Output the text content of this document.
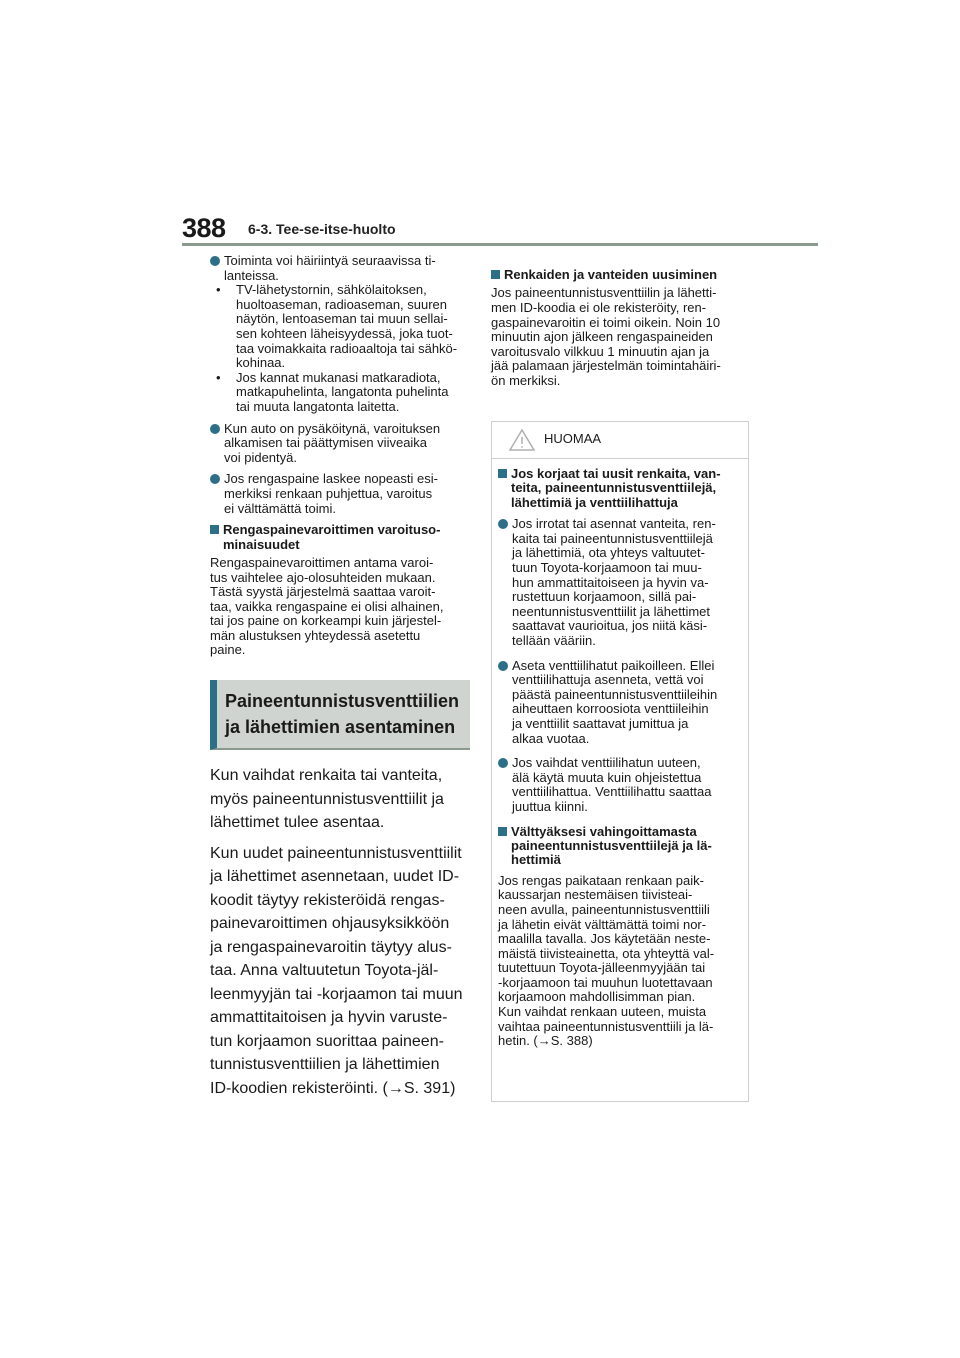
388 6-3. Tee-se-itse-huolto
Toiminta voi häiriintyä seuraavissa ti-
lanteissa.
• TV-lähetystornin, sähkölaitoksen,
huoltoaseman, radioaseman, suuren
näytön, lentoaseman tai muun sellai-
sen kohteen läheisyydessä, joka tuot-
taa voimakkaita radioaaltoja tai sähkö-
kohinaa.
• Jos kannat mukanasi matkaradiota,
matkapuhelinta, langatonta puhelinta
tai muuta langatonta laitetta.
Kun auto on pysäköitynä, varoituksen
alkamisen tai päättymisen viiveaika
voi pidentyä.
Jos rengaspaine laskee nopeasti esi-
merkiksi renkaan puhjettua, varoitus
ei välttämättä toimi.
Rengaspainevaroittimen varoituso-
minaisuudet
Rengaspainevaroittimen antama varoi-
tus vaihtelee ajo-olosuhteiden mukaan.
Tästä syystä järjestelmä saattaa varoit-
taa, vaikka rengaspaine ei olisi alhainen,
tai jos paine on korkeampi kuin järjestel-
män alustuksen yhteydessä asetettu
paine.
Paineentunnistusventtiilien
ja lähettimien asentaminen
Kun vaihdat renkaita tai vanteita,
myös paineentunnistusventtiilit ja
lähettimet tulee asentaa.
Kun uudet paineentunnistusventtiilit
ja lähettimet asennetaan, uudet ID-
koodit täytyy rekisteröidä rengas-
painevaroittimen ohjausyksikköön
ja rengaspainevaroitin täytyy alus-
taa. Anna valtuutetun Toyota-jäl-
leenmyyjän tai -korjaamon tai muun
ammattitaitoisen ja hyvin varuste-
tun korjaamon suorittaa paineen-
tunnistusventtiilien ja lähettimien
ID-koodien rekisteröinti. (→S. 391)
Renkaiden ja vanteiden uusiminen
Jos paineentunnistusventtiilin ja lähetti-
men ID-koodia ei ole rekisteröity, ren-
gaspainevaroitin ei toimi oikein. Noin 10
minuutin ajon jälkeen rengaspaineiden
varoitusvalo vilkkuu 1 minuutin ajan ja
jää palamaan järjestelmän toimintahäiri-
ön merkiksi.
HUOMAA
Jos korjaat tai uusit renkaita, van-
teita, paineentunnistusventtiilejä,
lähettimiä ja venttiilihattuja
Jos irrotat tai asennat vanteita, ren-
kaita tai paineentunnistusventtiilejä
ja lähettimiä, ota yhteys valtuutet-
tuun Toyota-korjaamoon tai muu-
hun ammattitaitoiseen ja hyvin va-
rustettuun korjaamoon, sillä pai-
neentunnistusventtiilit ja lähettimet
saattavat vaurioitua, jos niitä käsi-
tellään vääriin.
Aseta venttiilihatut paikoilleen. Ellei
venttiilihattuja asenneta, vettä voi
päästä paineentunnistusventtiileihin
aiheuttaen korroosiota venttiileihin
ja venttiilit saattavat jumittua ja
alkaa vuotaa.
Jos vaihdat venttiilihatun uuteen,
älä käytä muuta kuin ohjeistettua
venttiilihattua. Venttiilihattu saattaa
juuttua kiinni.
Välttyäksesi vahingoittamasta
paineentunnistusventtiilejä ja lä-
hettimiä
Jos rengas paikataan renkaan paik-
kaussarjan nestemäisen tiivisteai-
neen avulla, paineentunnistusventtiili
ja lähetin eivät välttämättä toimi nor-
maalilla tavalla. Jos käytetään neste-
mäistä tiivisteainetta, ota yhteyttä val-
tuutettuun Toyota-jälleenmyyjään tai
-korjaamoon tai muuhun luotettavaan
korjaamoon mahdollisimman pian.
Kun vaihdat renkaan uuteen, muista
vaihtaa paineentunnistusventtiili ja lä-
hetin. (→S. 388)
